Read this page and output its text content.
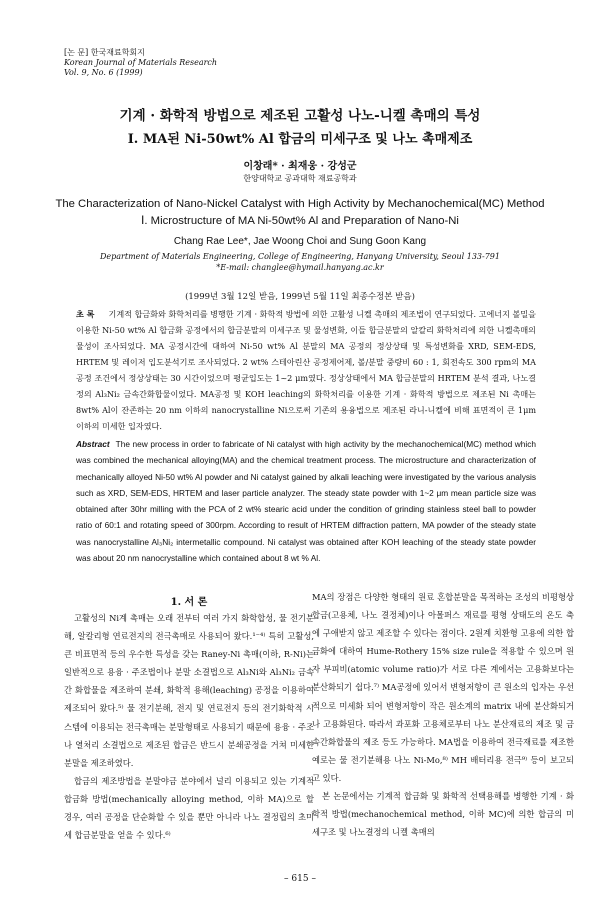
[논 문] 한국재료학회지
Korean Journal of Materials Research
Vol. 9, No. 6 (1999)
기계 · 화학적 방법으로 제조된 고활성 나노-니켈 촉매의 특성
Ⅰ. MA된 Ni-50wt% Al 합금의 미세구조 및 나노 촉매제조
이창래* · 최재웅 · 강성군
한양대학교 공과대학 재료공학과
The Characterization of Nano-Nickel Catalyst with High Activity by Mechanochemical(MC) Method
Ⅰ. Microstructure of MA Ni-50wt% Al and Preparation of Nano-Ni
Chang Rae Lee*, Jae Woong Choi and Sung Goon Kang
Department of Materials Engineering, College of Engineering, Hanyang University, Seoul 133-791
*E-mail: changlee@hymail.hanyang.ac.kr
(1999년 3월 12일 받음, 1999년 5월 11일 최종수정본 받음)
초 록 기계적 합금화와 화학처리를 병행한 기계 · 화학적 방법에 의한 고활성 니켈 촉매의 제조법이 연구되었다. 고에너지 볼밀을 이용한 Ni-50 wt% Al 합금화 공정에서의 합금분말의 미세구조 및 물성변화, 이들 합금분말의 알칼리 화학처리에 의한 니켈촉매의 물성이 조사되었다. MA 공정시간에 대하여 Ni-50 wt% Al 분말의 MA 공정의 정상상태 및 특성변화를 XRD, SEM-EDS, HRTEM 및 레이저 입도분석기로 조사되었다. 2 wt% 스테아린산 공정제어제, 볼/분말 중량비 60 : 1, 회전속도 300 rpm의 MA공정 조건에서 정상상태는 30 시간이었으며 평균입도는 1~2 μm였다. 정상상태에서 MA 합금분말의 HRTEM 분석 결과, 나노결정의 Al₃Ni₂ 금속간화합물이었다. MA공정 및 KOH leaching의 화학처리를 이용한 기계 · 화학적 방법으로 제조된 Ni 촉매는 8wt% Al이 잔존하는 20 nm 이하의 nanocrystalline Ni으로써 기존의 용융법으로 제조된 라니-니켈에 비해 표면적이 큰 1μm 이하의 미세한 입자였다.
Abstract The new process in order to fabricate of Ni catalyst with high activity by the mechanochemical(MC) method which was combined the mechanical alloying(MA) and the chemical treatment process. The microstructure and characterization of mechanically alloyed Ni-50 wt% Al powder and Ni catalyst gained by alkali leaching were investigated by the various analysis such as XRD, SEM-EDS, HRTEM and laser particle analyzer. The steady state powder with 1~2 μm mean particle size was obtained after 30hr milling with the PCA of 2 wt% stearic acid under the condition of grinding stainless steel ball to powder ratio of 60:1 and rotating speed of 300rpm. According to result of HRTEM diffraction pattern, MA powder of the steady state was nanocrystalline Al₃Ni₂ intermetallic compound. Ni catalyst was obtained after KOH leaching of the steady state powder was about 20 nm nanocrystalline which contained about 8 wt % Al.
1. 서 론

고활성의 Ni계 촉매는 오래 전부터 여러 가지 화학합성, 물 전기분해, 알칼리형 연료전지의 전극촉매로 사용되어 왔다.¹⁻⁴⁾ 특히 고활성, 큰 비표면적 등의 우수한 특성을 갖는 Raney-Ni 촉매(이하, R-Ni)는 일반적으로 용융 · 주조법이나 분말 소결법으로 Al₃Ni와 Al₃Ni₂ 금속간 화합물을 제조하여 분쇄, 화학적 용해(leaching) 공정을 이용하여 제조되어 왔다.⁵⁾ 물 전기분해, 전지 및 연료전지 등의 전기화학적 시스템에 이용되는 전극촉매는 분말형태로 사용되기 때문에 용융 · 주조나 열처리 소결법으로 제조된 합금은 반드시 분쇄공정을 거쳐 미세한 분말을 제조하였다.

합금의 제조방법을 분말야금 분야에서 널리 이용되고 있는 기계적 합금화 방법(mechanically alloying method, 이하 MA)으로 할 경우, 여러 공정을 단순화할 수 있을 뿐만 아니라 나노 결정립의 초미세 합금분말을 얻을 수 있다.⁶⁾

MA의 장점은 다양한 형태의 원료 혼합분말을 목적하는 조성의 비평형상 합금(고용체, 나노 결정체)이나 아몰퍼스 재료를 평형 상태도의 온도 축에 구애받지 않고 제조할 수 있다는 점이다. 2원계 치환형 고용에 의한 합금화에 대하여 Hume-Rothery 15% size rule을 적용할 수 있으며 원자 부피비(atomic volume ratio)가 서로 다른 계에서는 고용화보다는 분산화되기 쉽다.⁷⁾ MA공정에 있어서 변형저항이 큰 원소의 입자는 우선적으로 미세화 되어 변형저항이 작은 원소계의 matrix 내에 분산화되거나 고용화된다. 따라서 과포화 고용체로부터 나노 분산재료의 제조 및 금속간화합물의 제조 등도 가능하다. MA법을 이용하여 전극재료를 제조한 예로는 물 전기분해용 나노 Ni-Mo,⁸⁾ MH 배터리용 전극⁹⁾ 등이 보고되고 있다.

본 논문에서는 기계적 합금화 및 화학적 선택용해를 병행한 기계 · 화학적 방법(mechanochemical method, 이하 MC)에 의한 합금의 미세구조 및 나노결정의 니켈 촉매의

– 615 –
